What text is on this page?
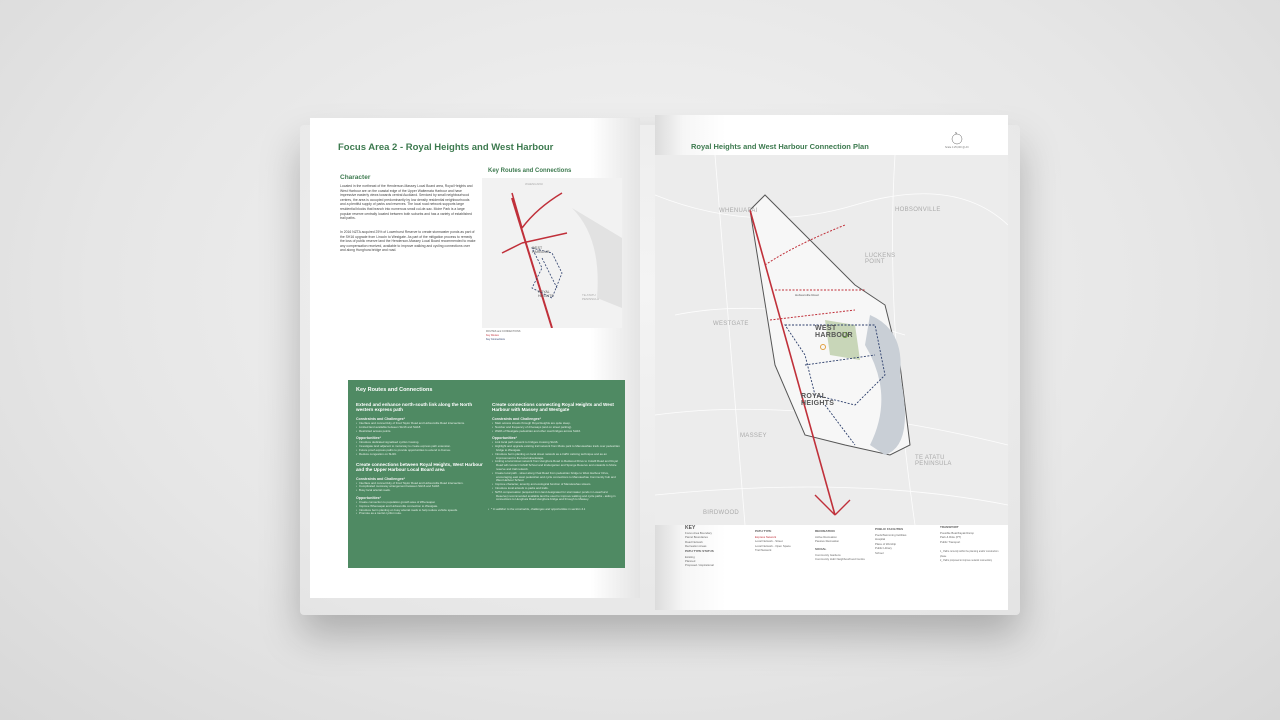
Focus Area 2 - Royal Heights and West Harbour
Character
Located in the northeast of the Henderson-Massey Local Board area, Royal Heights and West Harbour are on the coastal edge of the Upper Waitemata Harbour and have impressive easterly views towards central Auckland. Serviced by small neighbourhood centres, the area is occupied predominantly by low density residential neighbourhoods and a plentiful supply of parks and reserves. The local road network supports large residential blocks that branch into numerous small cul-de-sac. Moire Park is a large popular reserve centrally located between both suburbs and has a variety of established trail paths.
In 2016 NZTA acquired 25% of Lowerhurst Reserve to create stormwater ponds as part of the SH16 upgrade from Lincoln to Westgate. As part of the mitigation process to remedy the loss of public reserve land the Henderson-Massey Local Board recommended to make any compensation received, available to improve walking and cycling connections over and along Hunghura bridge and road.
Key Routes and Connections
WHENUAPAI
WEST HARBOUR
ROYAL HEIGHTS	TE ATATU PENINSULA
ROUTES and CONNECTIONS
Key Routes
Key Connections
Key Routes and Connections
Extend and enhance north-south link along the North western express path
Constraints and Challenges*
• Interface and connectivity of Fred Taylor Road and Hobsonville Road intersections.
• Limited land available between SH16 and SH18.
• Restricted access points.
Opportunities*
• Introduce dedicated signalised cyclist crossing.
• Investigate land adjacent to motorway to create express path extension.
• Future proof express paths to provide opportunities to extend to Kumeu.
• Reduce congestion on SH16.
Create connections between Royal Heights, West Harbour and the Upper Harbour Local Board area
Constraints and Challenges*
• Interface and connectivity of Fred Taylor Road and Hobsonville Road intersection.
• Complicated motorway arrangement between SH16 and SH18.
• Busy local arterial roads.
Opportunities*
• Create connection to population growth area of Whenuapai.
• Improve Whenuapai and Hobsonville connection to Westgate.
• Introduce berm planting on busy arterial roads to help reduce vehicle speeds.
• Promote as a tourist cyclist route.
Create connections connecting Royal Heights and West Harbour with Massey and Westgate
Constraints and Challenges*
• Main access streets through Royal Heights are quite steep.
• Number and frequency of driveways (and on street parking).
• Width of Westgate pedestrian and other road bridges across SH16.
Opportunities*
• Link local path network to bridges crossing SH16.
• Highlight and upgrade existing trail network from Moire park to Manutewhau track over pedestrian bridge to Westgate.
• Introduce berm planting on local street network as a traffic calming technique and as an improvement to the local streetscape.
• Linking a local street network from Hunghura Road to Redwood Drive to Colwill Road and Royal Road will connect Colwill School and kindergarten and Sponge Reserve and onwards to Moire reserve and trail network.
• Create local path - street along Oval Road from pedestrian bridge to West Harbour Drive, encouraging east west pedestrian and cycle connections to Manutewhau Community hub and West Harbour School.
• Improve character, amenity and ecological function of Manutewhau stream.
• Introduce local artwork to parks and trails.
• NZTA compensation (acquired from land designated for stormwater ponds in Lowerhurst Reserve) recommended available land be used to improve walking and cycle paths - aiding in connections to Hunghura Road Hunghura bridge and through to Massey.
• * In addition to the constraints, challenges and opportunities in section 4.1
Royal Heights and West Harbour Connection Plan
N
Scale 1:25,000 @ A3
WHENUAPAI	HOBSONVILLE
LUCKENS POINT
WESTGATE
WEST HARBOUR
ROYAL HEIGHTS
MASSEY
TE ATATU PENINSULA
BIRDWOOD
Hobsonville Road
KEY
Focus Area Boundary
Parcel Boundaries
Road Network
Recreation Areas
PATH TYPE STATUS
Existing
Planned
Proposed / Aspirational
PATH TYPE
Express Network
Local Network - Street
Local Network - Open Space
Trail Network
RECREATION
Active Recreation
Passive Recreation
SOCIAL
Community Gardens
Community Hub/ Neighbourhood Centre
PUBLIC FACILITIES
Pools/Swimming facilities
Hospital
Place of Worship
Public Library
School
TRANSPORT
Possible Boat/Kayak Ramp
Park & Ride (PT)
Public Transport
1_ Paths currently within the planning and/or construction phase
2_ Paths proposed to improve network connectivity
